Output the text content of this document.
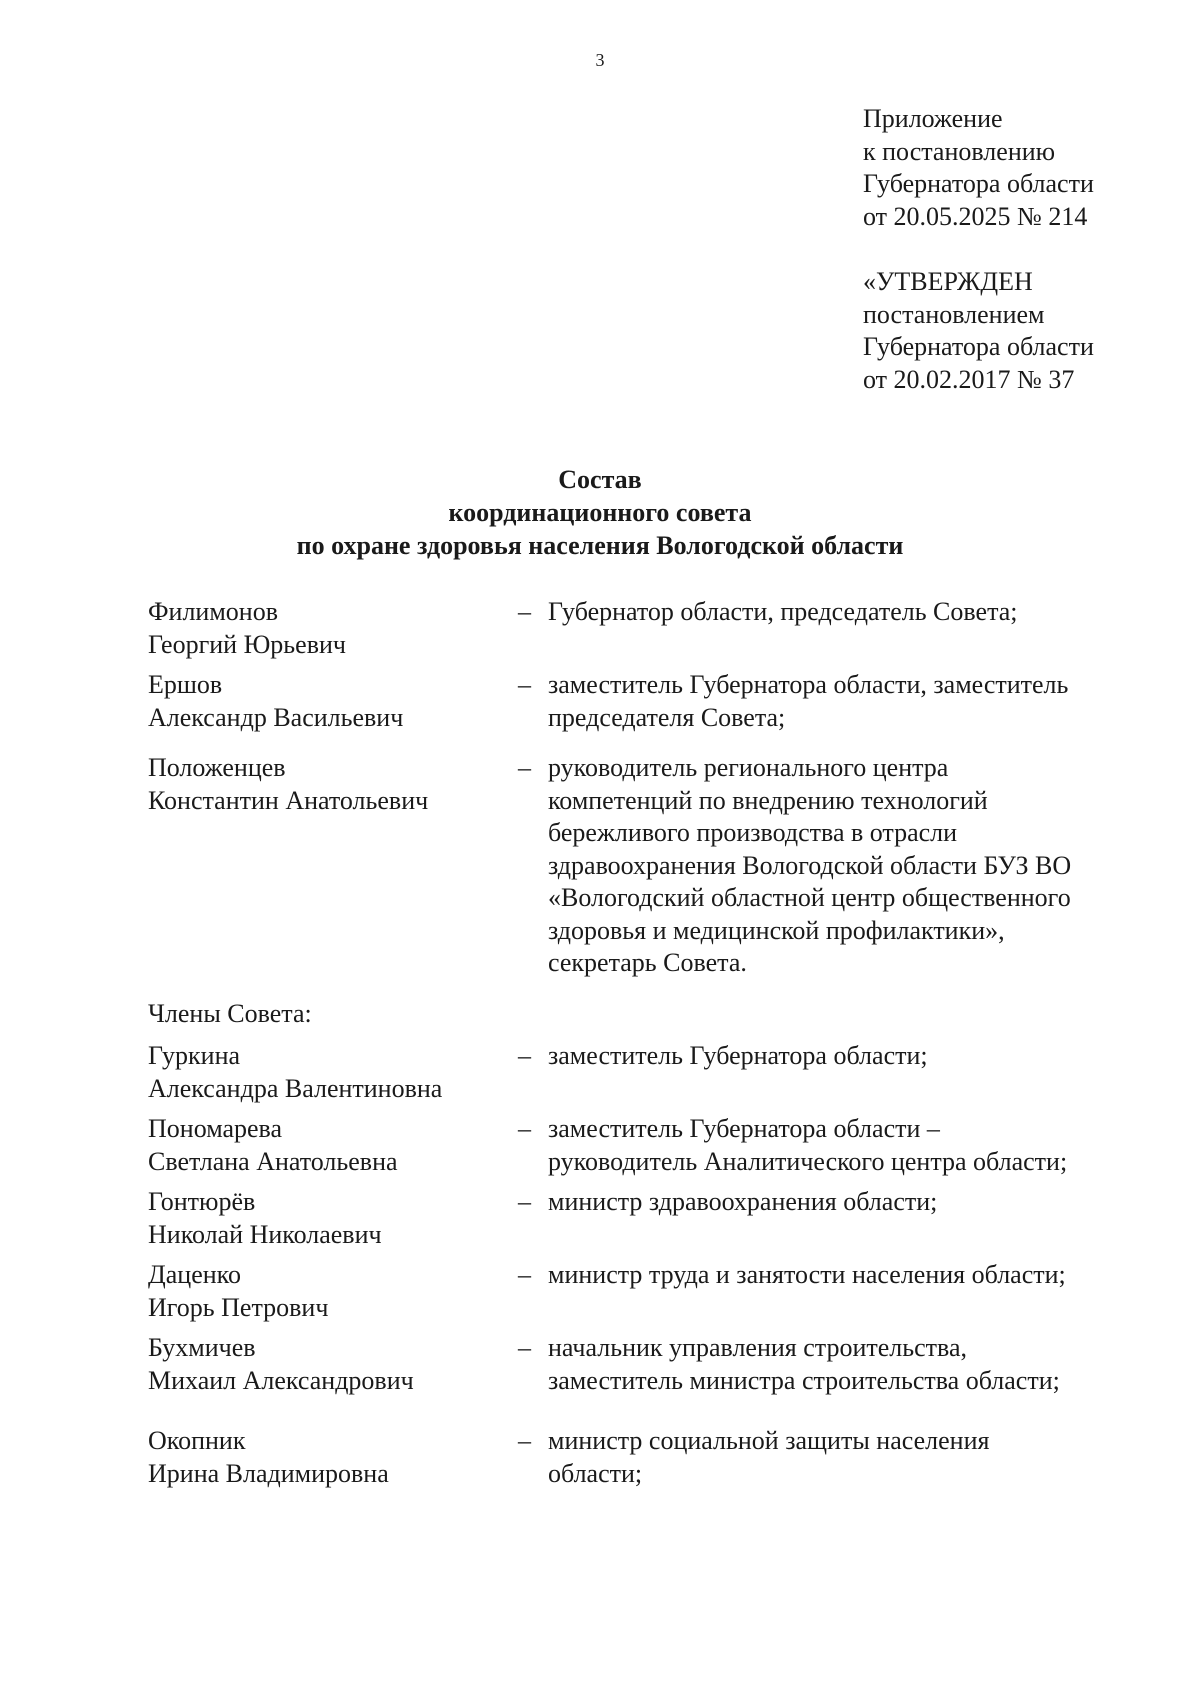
3
Приложение
к постановлению
Губернатора области
от 20.05.2025 № 214
«УТВЕРЖДЕН
постановлением
Губернатора области
от 20.02.2017 № 37
Состав
координационного совета
по охране здоровья населения Вологодской области
Филимонов
Георгий Юрьевич
– Губернатор области, председатель Совета;
Ершов
Александр Васильевич
– заместитель Губернатора области, заместитель
председателя Совета;
Положенцев
Константин Анатольевич
– руководитель регионального центра
компетенций по внедрению технологий
бережливого производства в отрасли
здравоохранения Вологодской области БУЗ ВО
«Вологодский областной центр общественного
здоровья и медицинской профилактики»,
секретарь Совета.
Члены Совета:
Гуркина
Александра Валентиновна
– заместитель Губернатора области;
Пономарева
Светлана Анатольевна
– заместитель Губернатора области –
руководитель Аналитического центра области;
Гонтюрёв
Николай Николаевич
– министр здравоохранения области;
Даценко
Игорь Петрович
– министр труда и занятости населения области;
Бухмичев
Михаил Александрович
– начальник управления строительства,
заместитель министра строительства области;
Окопник
Ирина Владимировна
– министр социальной защиты населения
области;
